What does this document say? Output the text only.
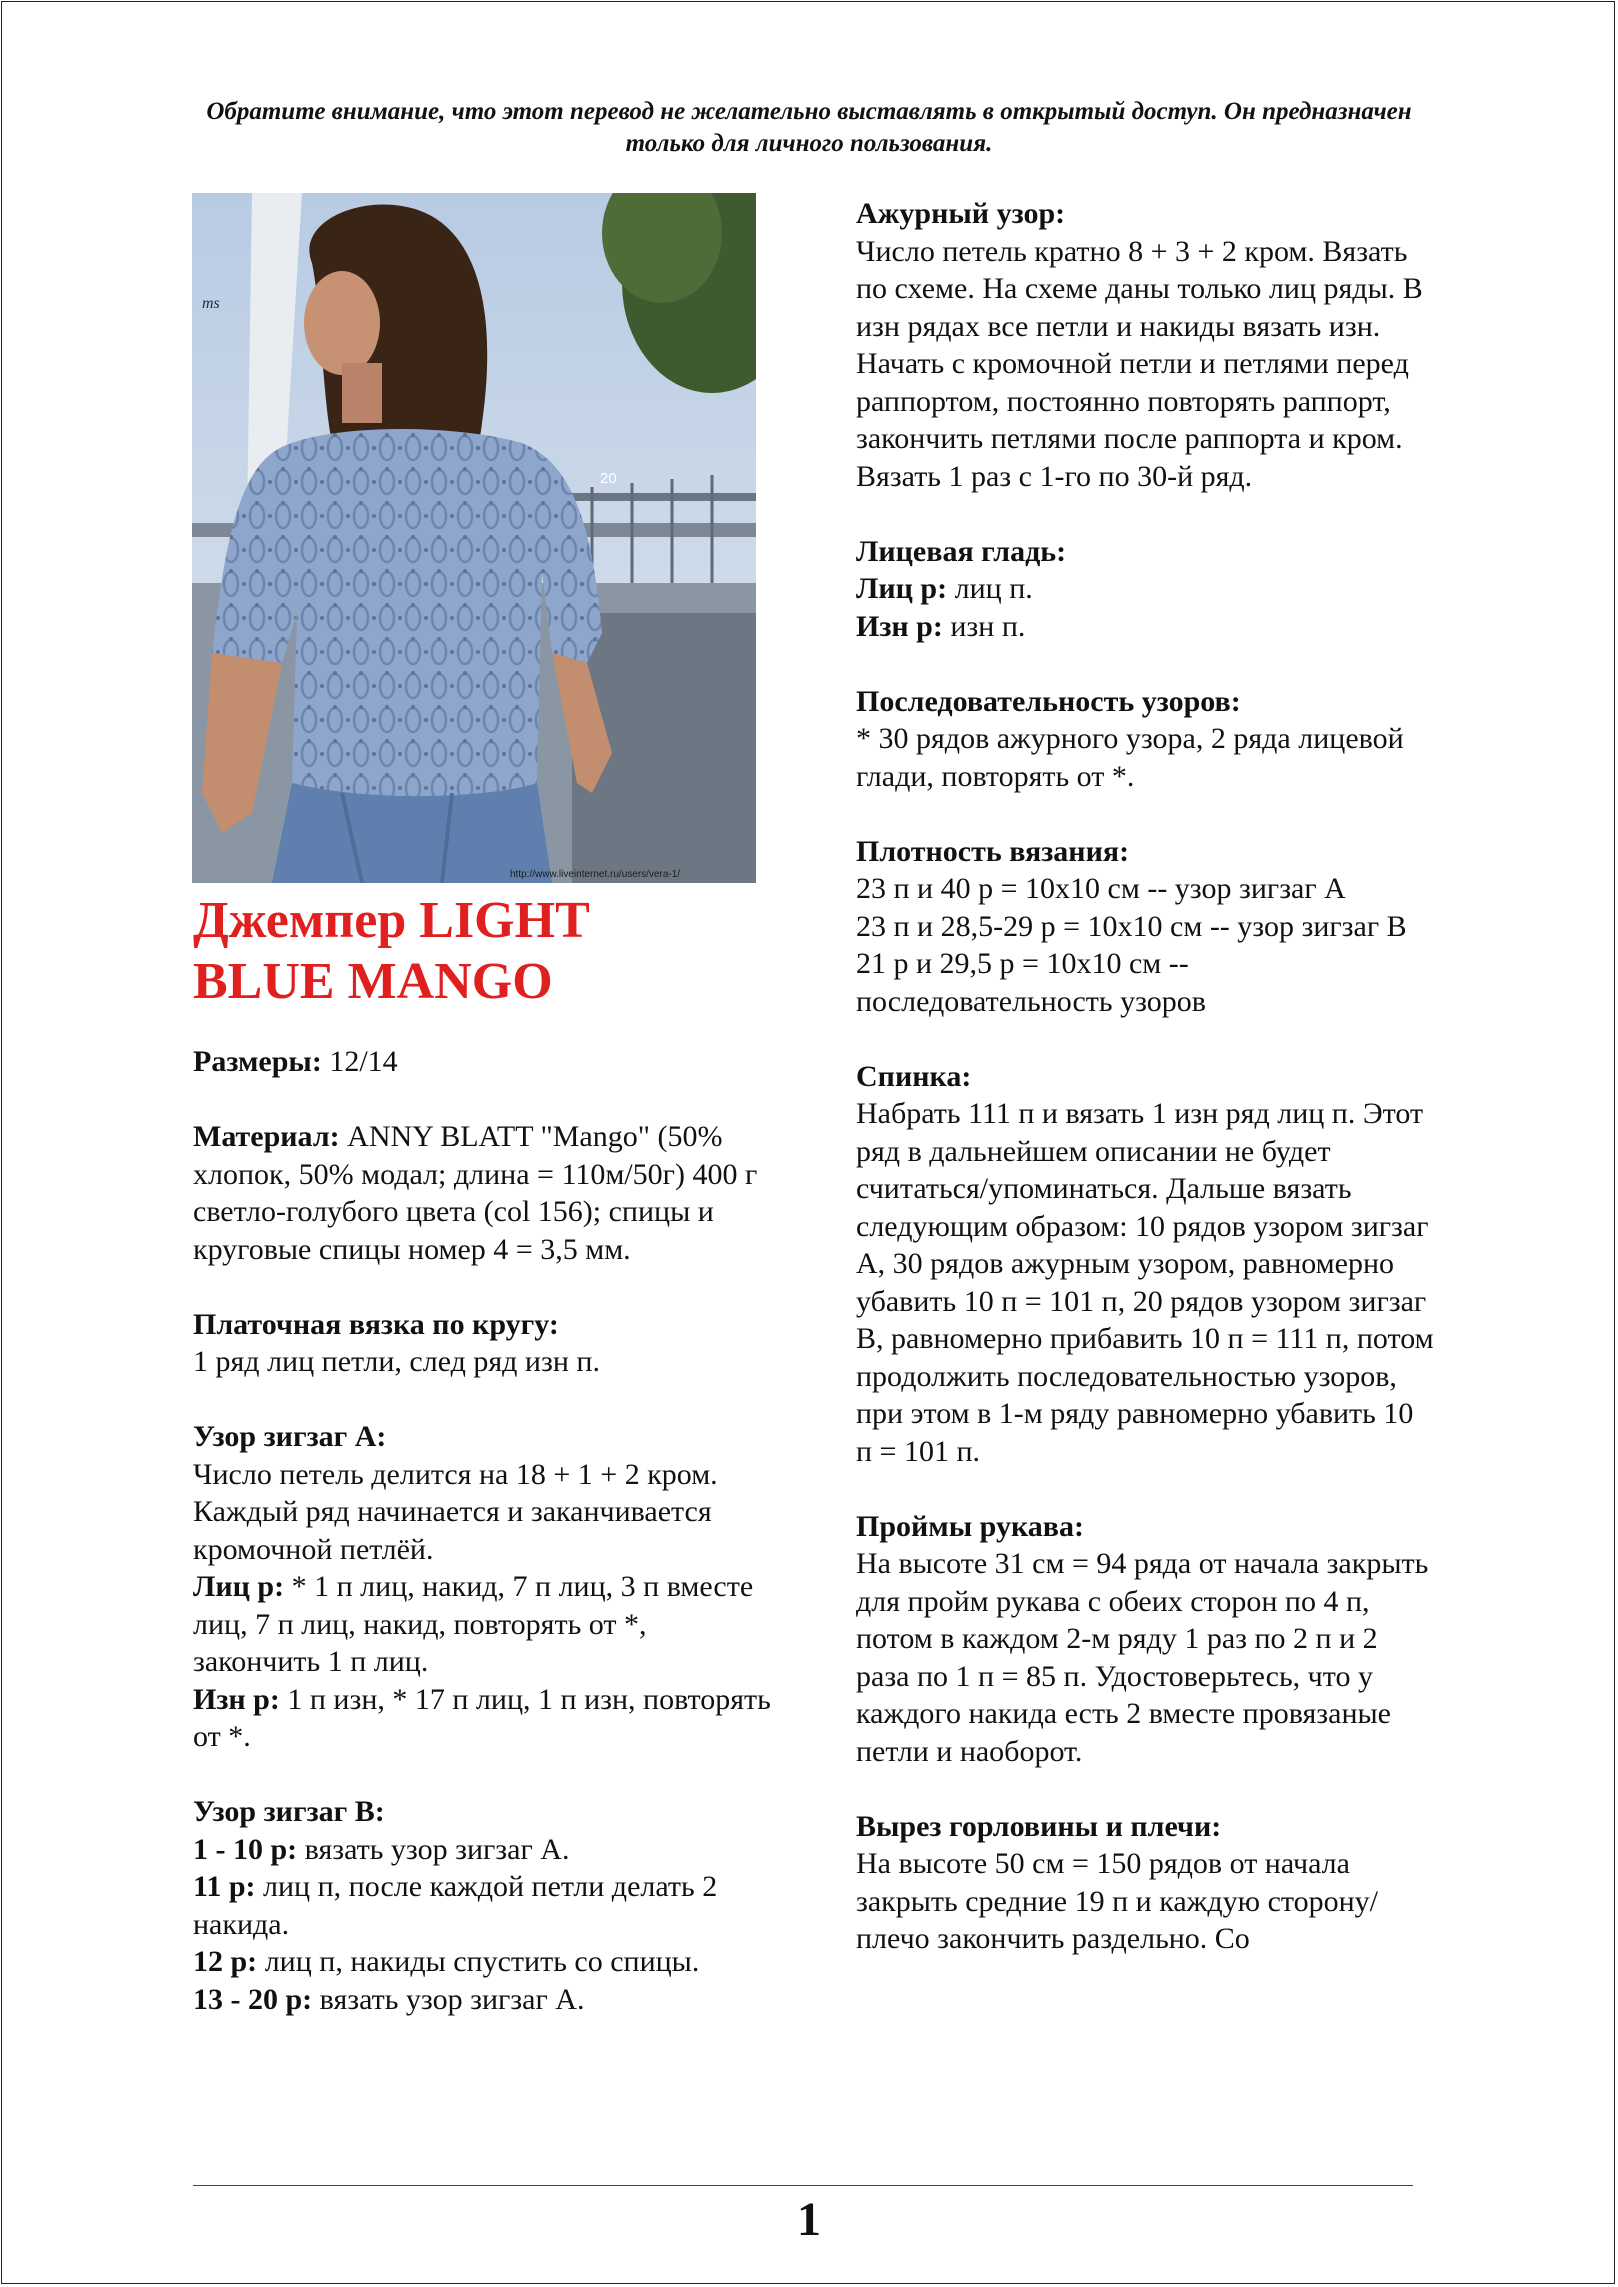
Обратите внимание, что этот перевод не желательно выставлять в открытый доступ. Он предназначен только для личного пользования.
20
ms
http://www.liveinternet.ru/users/vera-1/
Джемпер LIGHT BLUE MANGO

Размеры: 12/14

Материал: ANNY BLATT "Mango" (50% хлопок, 50% модал; длина = 110м/50г) 400 г светло-голубого цвета (col 156); спицы и круговые спицы номер 4 = 3,5 мм.

Платочная вязка по кругу:

1 ряд лиц петли, след ряд изн п.

Узор зигзаг А:

Число петель делится на 18 + 1 + 2 кром. Каждый ряд начинается и заканчивается кромочной петлёй.

Лиц р: * 1 п лиц, накид, 7 п лиц, 3 п вместе лиц, 7 п лиц, накид, повторять от *, закончить 1 п лиц.

Изн р: 1 п изн, * 17 п лиц, 1 п изн, повторять от *.

Узор зигзаг В:

1 - 10 р: вязать узор зигзаг А.

11 р: лиц п, после каждой петли делать 2 накида.

12 р: лиц п, накиды спустить со спицы.

13 - 20 р: вязать узор зигзаг А.

Ажурный узор:

Число петель кратно 8 + 3 + 2 кром. Вязать по схеме. На схеме даны только лиц ряды. В изн рядах все петли и накиды вязать изн. Начать с кромочной петли и петлями перед раппортом, постоянно повторять раппорт, закончить петлями после раппорта и кром. Вязать 1 раз с 1-го по 30-й ряд.

Лицевая гладь:

Лиц р: лиц п.

Изн р: изн п.

Последовательность узоров:

* 30 рядов ажурного узора, 2 ряда лицевой глади, повторять от *.

Плотность вязания:

23 п и 40 р = 10х10 см -- узор зигзаг А

23 п и 28,5-29 р = 10х10 см -- узор зигзаг В

21 р и 29,5 р = 10х10 см -- последовательность узоров

Спинка:

Набрать 111 п и вязать 1 изн ряд лиц п. Этот ряд в дальнейшем описании не будет считаться/упоминаться. Дальше вязать следующим образом: 10 рядов узором зигзаг А, 30 рядов ажурным узором, равномерно убавить 10 п = 101 п, 20 рядов узором зигзаг В, равномерно прибавить 10 п = 111 п, потом продолжить последовательностью узоров, при этом в 1-м ряду равномерно убавить 10 п = 101 п.

Проймы рукава:

На высоте 31 см = 94 ряда от начала закрыть для пройм рукава с обеих сторон по 4 п, потом в каждом 2-м ряду 1 раз по 2 п и 2 раза по 1 п = 85 п. Удостоверьтесь, что у каждого накида есть 2 вместе провязаные петли и наоборот.

Вырез горловины и плечи:

На высоте 50 см = 150 рядов от начала закрыть средние 19 п и каждую сторону/плечо закончить раздельно. Со

1
